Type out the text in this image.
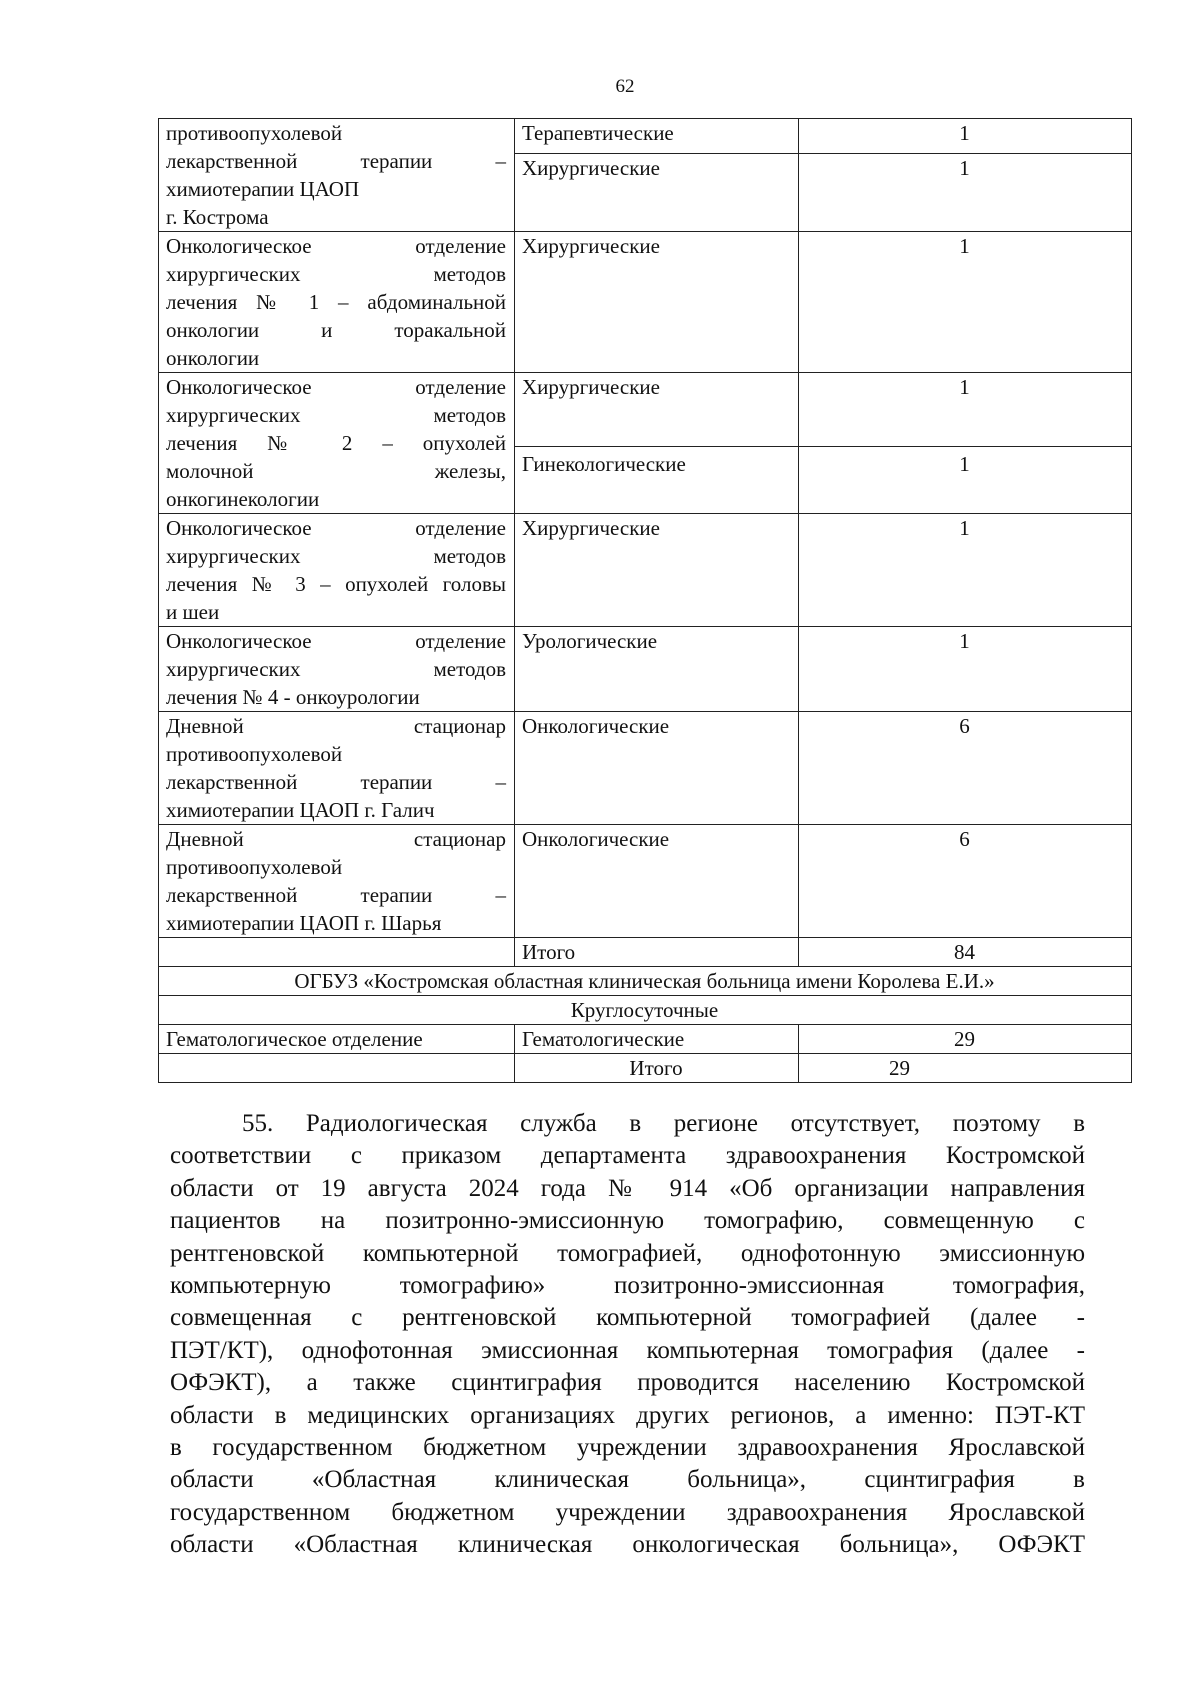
62
противоопухолевой
лекарственной терапии –
химиотерапии ЦАОП
г. Кострома	Терапевтические	1
	Хирургические	1

Онкологическое отделение
хирургических методов
лечения № 1 – абдоминальной
онкологии и торакальной
онкологии	Хирургические	1

Онкологическое отделение
хирургических методов
лечения № 2 – опухолей
молочной железы,
онкогинекологии	Хирургические	1
	Гинекологические	1

Онкологическое отделение
хирургических методов
лечения № 3 – опухолей головы
и шеи	Хирургические	1

Онкологическое отделение
хирургических методов
лечения № 4 - онкоурологии	Урологические	1

Дневной стационар
противоопухолевой
лекарственной терапии –
химиотерапии ЦАОП г. Галич	Онкологические	6

Дневной стационар
противоопухолевой
лекарственной терапии –
химиотерапии ЦАОП г. Шарья	Онкологические	6
	Итого	84
ОГБУЗ «Костромская областная клиническая больница имени Королева Е.И.»		
Круглосуточные		
Гематологическое отделение	Гематологические	29
	Итого	29
55. Радиологическая служба в регионе отсутствует, поэтому в
соответствии с приказом департамента здравоохранения Костромской
области от 19 августа 2024 года № 914 «Об организации направления
пациентов на позитронно-эмиссионную томографию, совмещенную с
рентгеновской компьютерной томографией, однофотонную эмиссионную
компьютерную томографию» позитронно-эмиссионная томография,
совмещенная с рентгеновской компьютерной томографией (далее -
ПЭТ/КТ), однофотонная эмиссионная компьютерная томография (далее -
ОФЭКТ), а также сцинтиграфия проводится населению Костромской
области в медицинских организациях других регионов, а именно: ПЭТ-КТ
в государственном бюджетном учреждении здравоохранения Ярославской
области «Областная клиническая больница», сцинтиграфия в
государственном бюджетном учреждении здравоохранения Ярославской
области «Областная клиническая онкологическая больница», ОФЭКТ
